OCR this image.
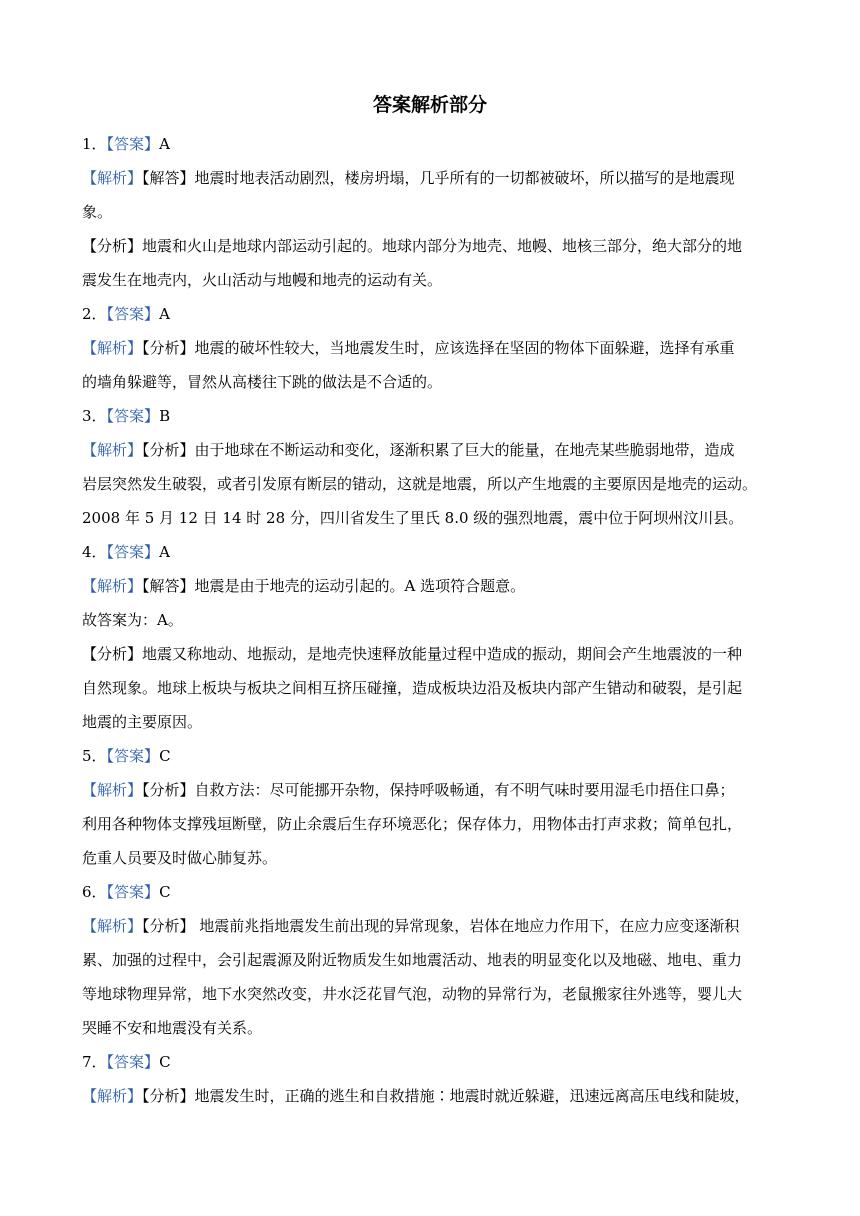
答案解析部分
1．【答案】A
【解析】【解答】地震时地表活动剧烈，楼房坍塌，几乎所有的一切都被破坏，所以描写的是地震现
象。
【分析】地震和火山是地球内部运动引起的。地球内部分为地壳、地幔、地核三部分，绝大部分的地
震发生在地壳内，火山活动与地幔和地壳的运动有关。
2．【答案】A
【解析】【分析】地震的破坏性较大，当地震发生时，应该选择在坚固的物体下面躲避，选择有承重
的墙角躲避等，冒然从高楼往下跳的做法是不合适的。
3．【答案】B
【解析】【分析】由于地球在不断运动和变化，逐渐积累了巨大的能量，在地壳某些脆弱地带，造成
岩层突然发生破裂，或者引发原有断层的错动，这就是地震，所以产生地震的主要原因是地壳的运动。
2008 年 5 月 12 日 14 时 28 分，四川省发生了里氏 8.0 级的强烈地震，震中位于阿坝州汶川县。
4．【答案】A
【解析】【解答】地震是由于地壳的运动引起的。A 选项符合题意。
故答案为：A。
【分析】地震又称地动、地振动，是地壳快速释放能量过程中造成的振动，期间会产生地震波的一种
自然现象。地球上板块与板块之间相互挤压碰撞，造成板块边沿及板块内部产生错动和破裂，是引起
地震的主要原因。
5．【答案】C
【解析】【分析】自救方法：尽可能挪开杂物，保持呼吸畅通，有不明气味时要用湿毛巾捂住口鼻；
利用各种物体支撑残垣断壁，防止余震后生存环境恶化；保存体力，用物体击打声求救；简单包扎，
危重人员要及时做心肺复苏。
6．【答案】C
【解析】【分析】 地震前兆指地震发生前出现的异常现象，岩体在地应力作用下，在应力应变逐渐积
累、加强的过程中，会引起震源及附近物质发生如地震活动、地表的明显变化以及地磁、地电、重力
等地球物理异常，地下水突然改变，井水泛花冒气泡，动物的异常行为，老鼠搬家往外逃等，婴儿大
哭睡不安和地震没有关系。
7．【答案】C
【解析】【分析】地震发生时，正确的逃生和自救措施∶地震时就近躲避，迅速远离高压电线和陡坡，
